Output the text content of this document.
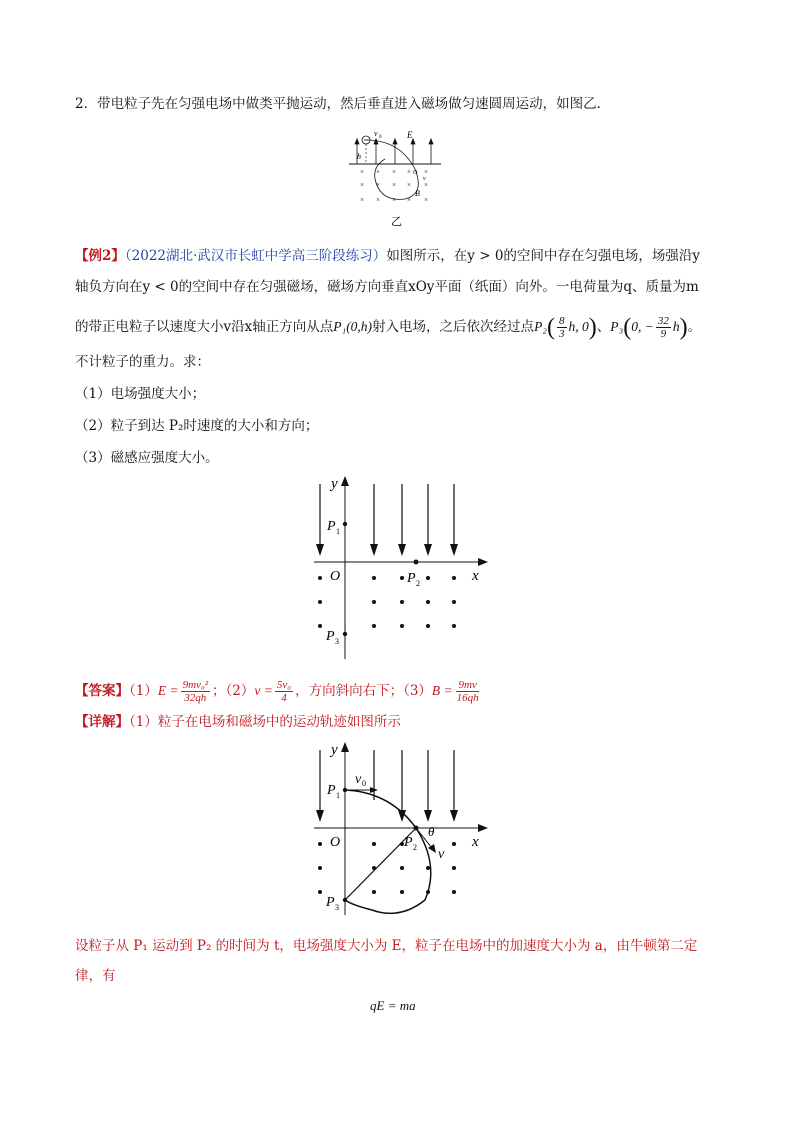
2．带电粒子先在匀强电场中做类平抛运动，然后垂直进入磁场做匀速圆周运动，如图乙．
v 0	E
h
O
v
B
× × × × ×
× × × × ×
× × × × ×
乙
【例2】（2022湖北·武汉市长虹中学高三阶段练习）如图所示，在y > 0的空间中存在匀强电场，场强沿y
轴负方向在y < 0的空间中存在匀强磁场，磁场方向垂直xOy平面（纸面）向外。一电荷量为q、质量为m
的带正电粒子以速度大小v沿x轴正方向从点P₁(0,h)射入电场，之后依次经过点$P_2( \frac{8}{3} h$, 0)、P₃(0, − $\frac{32}{9} h$)。
不计粒子的重力。求：
（1）电场强度大小；
（2）粒子到达 P₂时速度的大小和方向；
（3）磁感应强度大小。
y
x
O
P 1
P 2
P 3
【答案】$(1)E = \frac{\text{9mv₀²}}{32qh}$ ；$(2)v = \frac{\text{5v₀}}{4}$ ，方向斜向右下；$(3)B = \frac{9mv}{16qh}$
【详解】（1）粒子在电场和磁场中的运动轨迹如图所示
y
x
O
P 1
v 0
P 2
θ
v
P 3
设粒子从 P₁ 运动到 P₂ 的时间为 t，电场强度大小为 E，粒子在电场中的加速度大小为 a，由牛顿第二定
律，有
qE = ma
